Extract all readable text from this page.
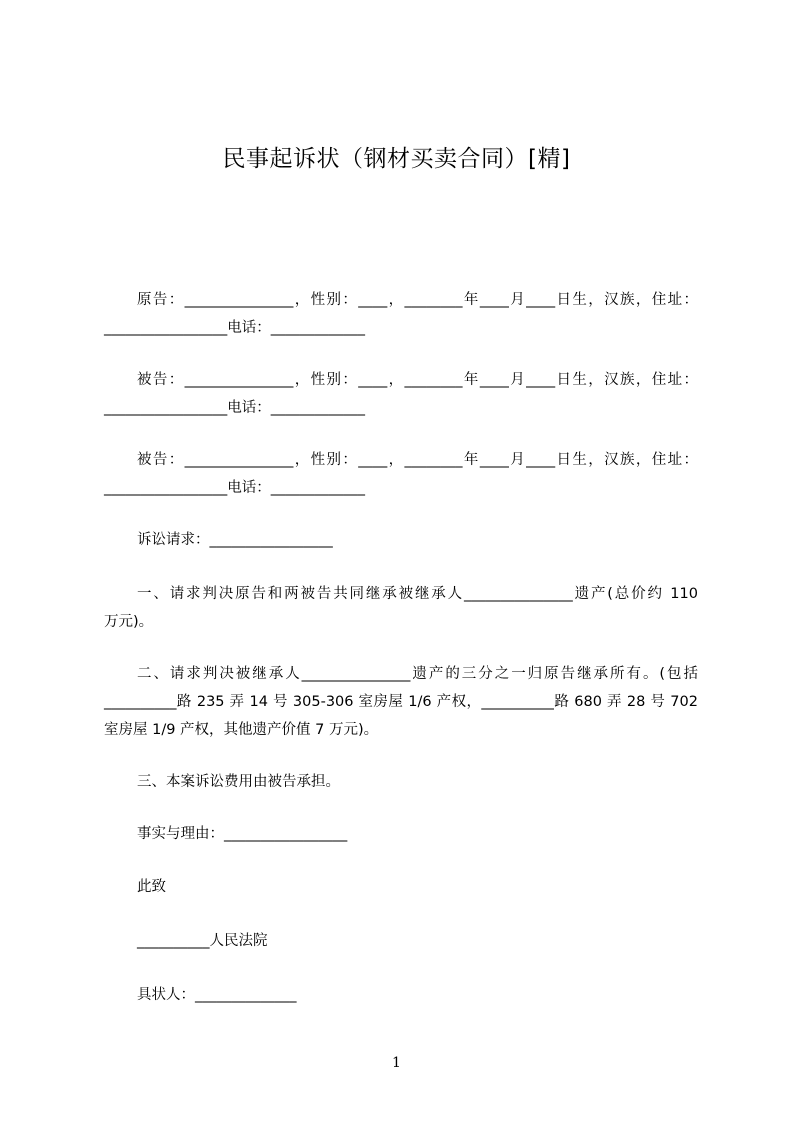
民事起诉状（钢材买卖合同）[精]
原告：_______________，性别：____，________年____月____日生，汉族，住址：
_________________电话：_____________
被告：_______________，性别：____，________年____月____日生，汉族，住址：
_________________电话：_____________
被告：_______________，性别：____，________年____月____日生，汉族，住址：
_________________电话：_____________
诉讼请求：_________________
一、请求判决原告和两被告共同继承被继承人_______________遗产(总价约 110
万元)。
二、请求判决被继承人_______________遗产的三分之一归原告继承所有。(包括
__________路 235 弄 14 号 305-306 室房屋 1/6 产权，__________路 680 弄 28 号 702
室房屋 1/9 产权，其他遗产价值 7 万元)。
三、本案诉讼费用由被告承担。
事实与理由：_________________
此致
__________人民法院
具状人：______________
1
